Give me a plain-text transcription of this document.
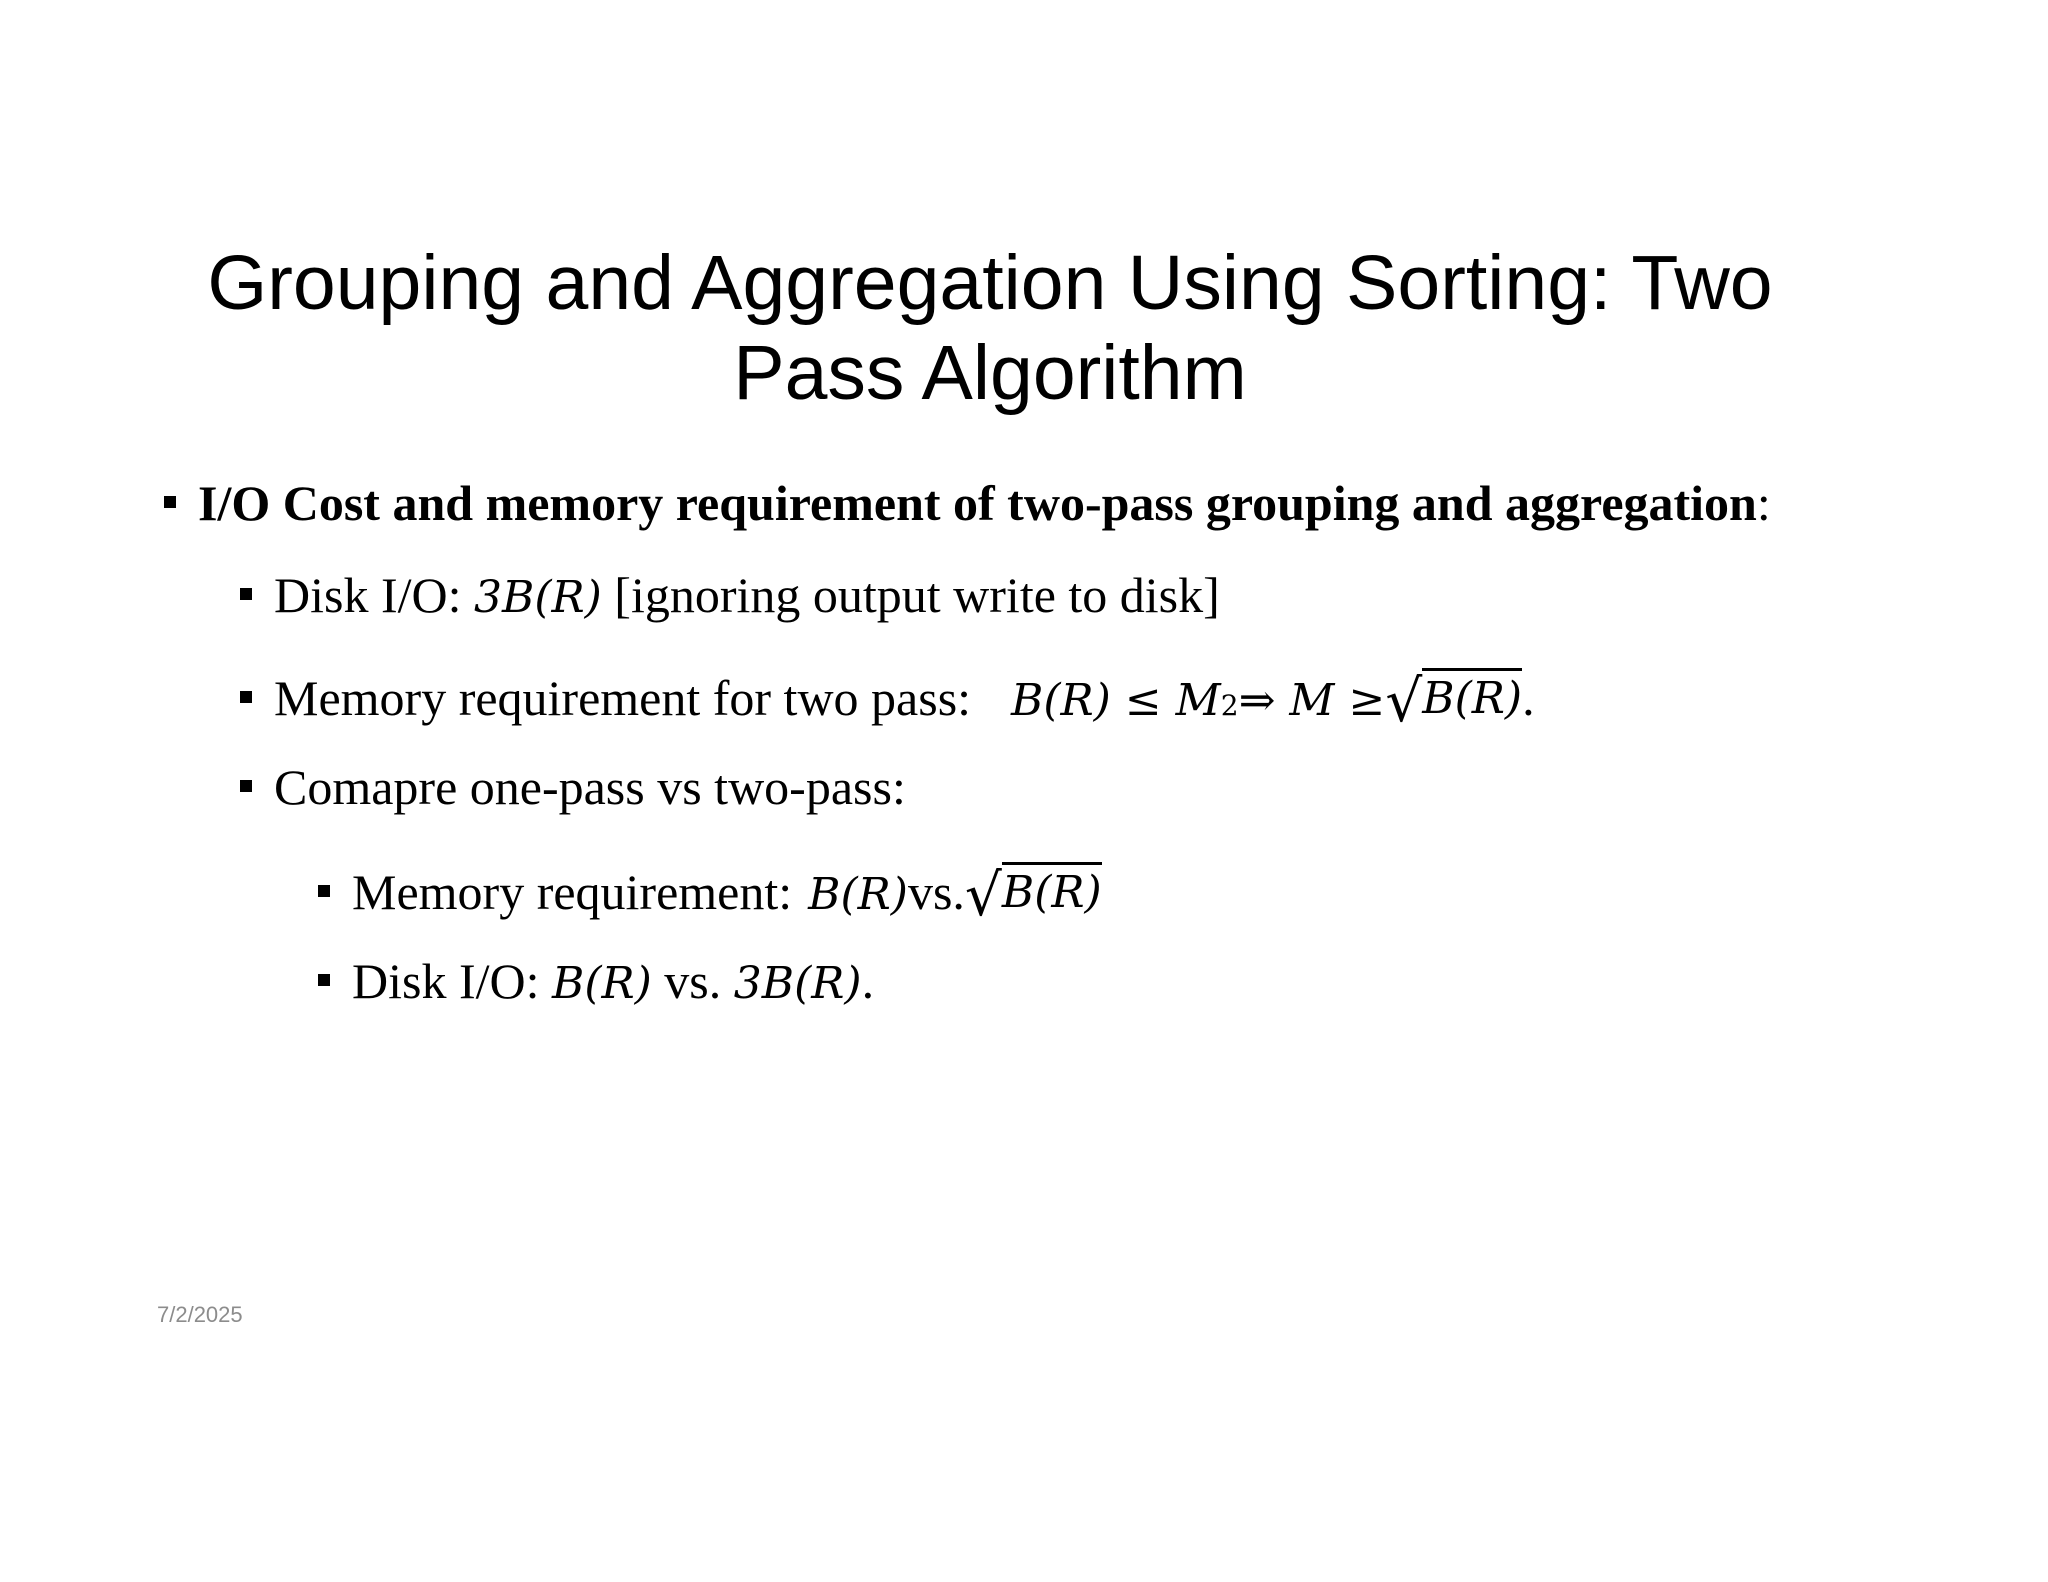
Grouping and Aggregation Using Sorting: Two
Pass Algorithm
I/O Cost and memory requirement of two-pass grouping and aggregation:
Disk I/O: 3B(R) [ignoring output write to disk]
Memory requirement for two pass: B(R) ≤ M 2 ⇒ M ≥ √ B(R) .
Comapre one-pass vs two-pass:
Memory requirement: B(R) vs. √ B(R)
Disk I/O: B(R) vs. 3B(R).
7/2/2025
